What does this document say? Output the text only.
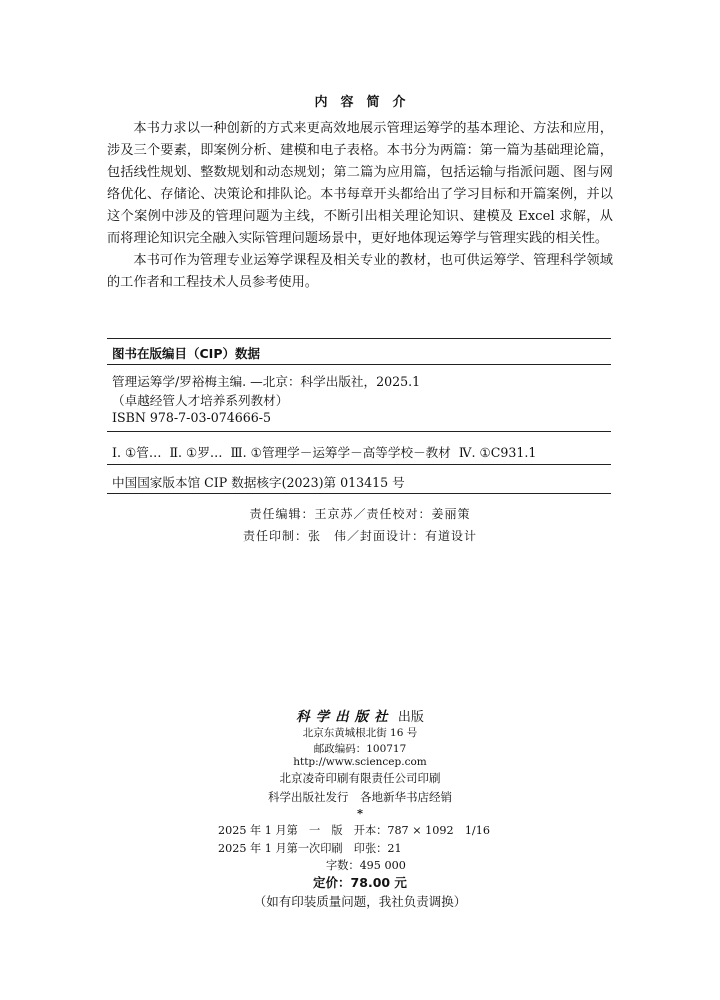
内容简介

本书力求以一种创新的方式来更高效地展示管理运筹学的基本理论、方法和应用，涉及三个要素，即案例分析、建模和电子表格。本书分为两篇：第一篇为基础理论篇，包括线性规划、整数规划和动态规划；第二篇为应用篇，包括运输与指派问题、图与网络优化、存储论、决策论和排队论。本书每章开头都给出了学习目标和开篇案例，并以这个案例中涉及的管理问题为主线，不断引出相关理论知识、建模及 Excel 求解，从而将理论知识完全融入实际管理问题场景中，更好地体现运筹学与管理实践的相关性。

本书可作为管理专业运筹学课程及相关专业的教材，也可供运筹学、管理科学领域的工作者和工程技术人员参考使用。

图书在版编目（CIP）数据
管理运筹学/罗裕梅主编. —北京：科学出版社，2025.1
（卓越经管人才培养系列教材）
ISBN 978-7-03-074666-5
Ⅰ. ①管…  Ⅱ. ①罗…  Ⅲ. ①管理学－运筹学－高等学校－教材  Ⅳ. ①C931.1
中国国家版本馆 CIP 数据核字(2023)第 013415 号
责任编辑：王京苏／责任校对：姜丽策
责任印制：张　伟／封面设计：有道设计
科学出版社 出版
北京东黄城根北街 16 号
邮政编码：100717
http://www.sciencep.com
北京凌奇印刷有限责任公司印刷
科学出版社发行　各地新华书店经销
*
2025 年 1 月第　一　版　开本：787 × 1092　1/16
2025 年 1 月第一次印刷　印张：21
字数：495 000
定价：78.00 元
（如有印装质量问题，我社负责调换）
